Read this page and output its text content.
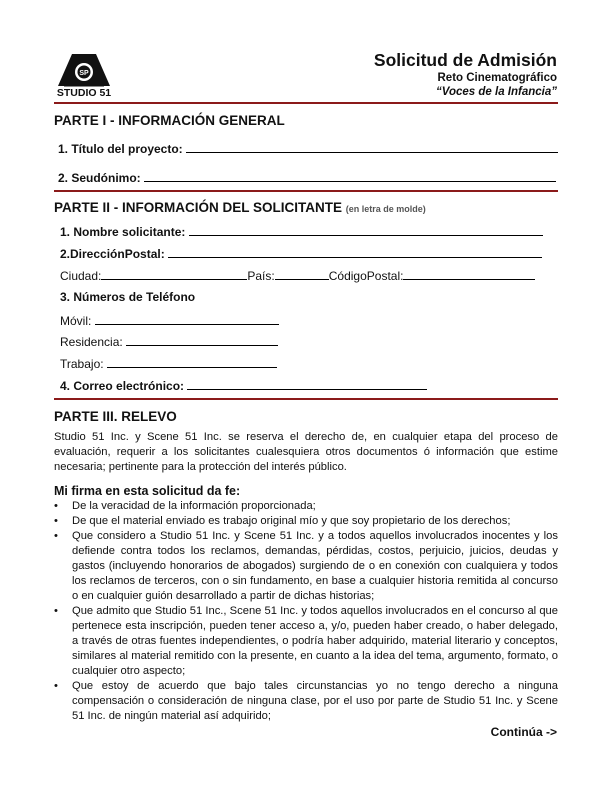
SP
STUDIO 51
Solicitud de Admisión
Reto Cinematográfico
“Voces de la Infancia”
PARTE I - INFORMACIÓN GENERAL
1. Título del proyecto:
2. Seudónimo:
PARTE II - INFORMACIÓN DEL SOLICITANTE (en letra de molde)
1. Nombre solicitante:
2.DirecciónPostal:
Ciudad:	País:	CódigoPostal:
3. Números de Teléfono
Móvil:
Residencia:
Trabajo:
4. Correo electrónico:
PARTE III. RELEVO
Studio 51 Inc. y Scene 51 Inc. se reserva el derecho de, en cualquier etapa del proceso de evaluación, requerir a los solicitantes cualesquiera otros documentos ó información que estime necesaria; pertinente para la protección del interés público.
Mi firma en esta solicitud da fe:
• De la veracidad de la información proporcionada;
• De que el material enviado es trabajo original mío y que soy propietario de los derechos;
• Que considero a Studio 51 Inc. y Scene 51 Inc. y a todos aquellos involucrados inocentes y los defiende contra todos los reclamos, demandas, pérdidas, costos, perjuicio, juicios, deudas y gastos (incluyendo honorarios de abogados) surgiendo de o en conexión con cualquiera y todos los reclamos de terceros, con o sin fundamento, en base a cualquier historia remitida al concurso o en cualquier guión desarrollado a partir de dichas historias;
• Que admito que Studio 51 Inc., Scene 51 Inc. y todos aquellos involucrados en el concurso al que pertenece esta inscripción, pueden tener acceso a, y/o, pueden haber creado, o haber delegado, a través de otras fuentes independientes, o podría haber adquirido, material literario y conceptos, similares al material remitido con la presente, en cuanto a la idea del tema, argumento, formato, o cualquier otro aspecto;
• Que estoy de acuerdo que bajo tales circunstancias yo no tengo derecho a ninguna compensación o consideración de ninguna clase, por el uso por parte de Studio 51 Inc. y Scene 51 Inc. de ningún material así adquirido;
Continúa ->
